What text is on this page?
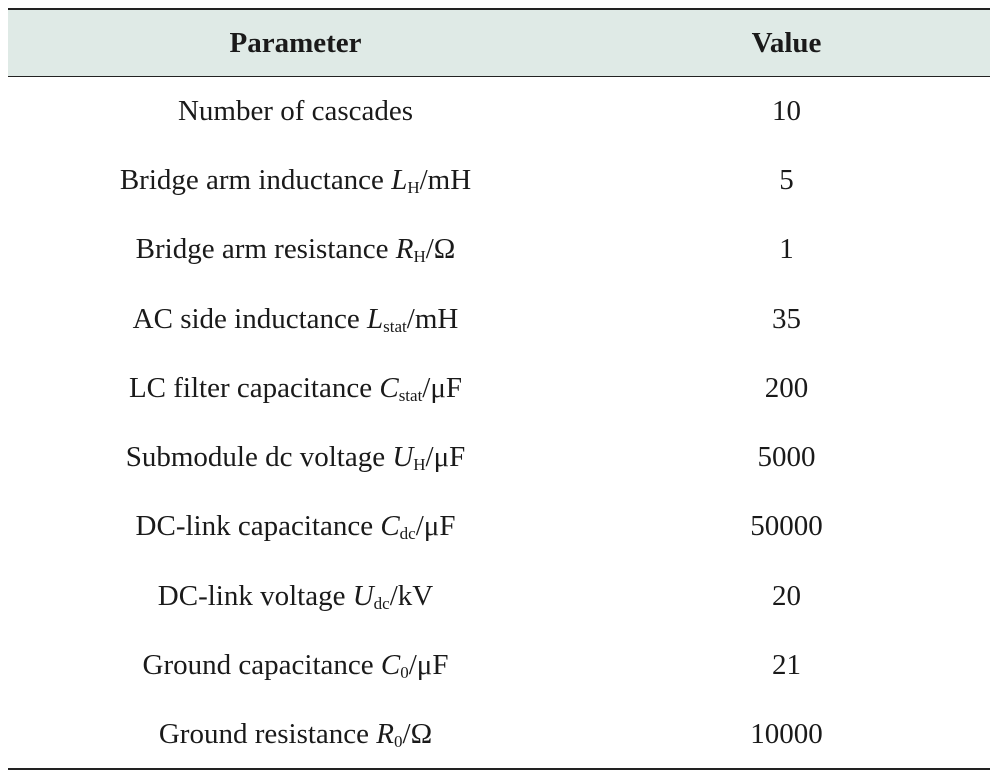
Parameter	Value
Number of cascades	10
Bridge arm inductance $L_H/mH$	5
Bridge arm resistance $R_H/\Omega$	1
AC side inductance $L_{stat}/mH$	35
LC filter capacitance $C_{stat}/\mu F$	200
Submodule dc voltage $U_H/\mu F$	5000
DC-link capacitance $C_{dc}/\mu F$	50000
DC-link voltage $U_{dc}/kV$	20
Ground capacitance $C_0/\mu F$	21
Ground resistance $R_0/\Omega$	10000
